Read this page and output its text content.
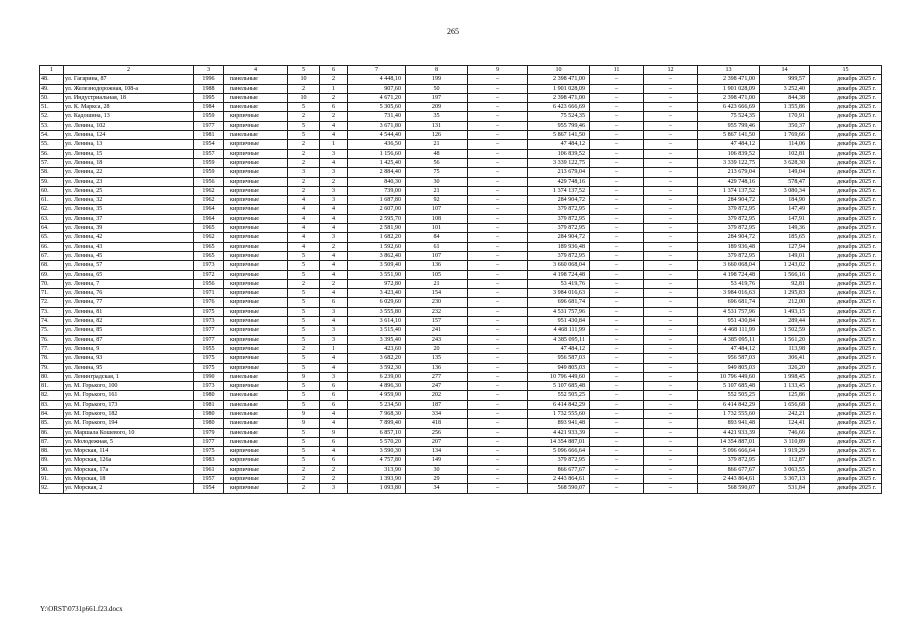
265
1	2	3	4	5	6	7	8	9	10	11	12	13	14	15
48.	ул. Гагарина, 87	1996	панельные	10	2	4 448,10	199	–	2 398 471,00	–	–	2 398 471,00	999,57	декабрь 2025 г.
49.	ул. Железнодорожная, 108-а	1988	панельные	2	1	907,60	50	–	1 901 028,09	–	–	1 901 028,09	3 252,40	декабрь 2025 г.
50.	ул. Индустриальная, 18	1995	панельные	10	2	4 671,20	197	–	2 398 471,00	–	–	2 398 471,00	844,38	декабрь 2025 г.
51.	ул. К. Маркса, 28	1984	панельные	5	6	5 305,60	209	–	6 423 666,69	–	–	6 423 666,69	1 355,86	декабрь 2025 г.
52.	ул. Кадошина, 13	1959	кирпичные	2	2	731,40	35	–	75 524,35	–	–	75 524,35	170,91	декабрь 2025 г.
53.	ул. Ленина, 102	1977	кирпичные	5	4	3 671,80	131	–	955 799,46	–	–	955 799,46	350,37	декабрь 2025 г.
54.	ул. Ленина, 124	1981	панельные	5	4	4 544,40	126	–	5 867 141,50	–	–	5 867 141,50	1 769,66	декабрь 2025 г.
55.	ул. Ленина, 13	1954	кирпичные	2	1	436,50	21	–	47 484,12	–	–	47 484,12	114,06	декабрь 2025 г.
56.	ул. Ленина, 15	1957	кирпичные	2	3	1 156,60	48	–	106 839,52	–	–	106 839,52	102,81	декабрь 2025 г.
57.	ул. Ленина, 18	1959	кирпичные	2	4	1 425,40	56	–	3 339 122,75	–	–	3 339 122,75	3 628,30	декабрь 2025 г.
58.	ул. Ленина, 22	1959	кирпичные	3	3	2 884,40	75	–	213 679,04	–	–	213 679,04	149,04	декабрь 2025 г.
59.	ул. Ленина, 23	1956	кирпичные	2	2	840,30	30	–	429 748,16	–	–	429 748,16	578,47	декабрь 2025 г.
60.	ул. Ленина, 25	1962	кирпичные	2	3	739,00	21	–	1 374 137,52	–	–	1 374 137,52	3 080,34	декабрь 2025 г.
61.	ул. Ленина, 32	1962	кирпичные	4	3	1 687,80	92	–	284 904,72	–	–	284 904,72	184,90	декабрь 2025 г.
62.	ул. Ленина, 35	1964	кирпичные	4	4	2 607,00	107	–	379 872,95	–	–	379 872,95	147,49	декабрь 2025 г.
63.	ул. Ленина, 37	1964	кирпичные	4	4	2 595,70	108	–	379 872,95	–	–	379 872,95	147,91	декабрь 2025 г.
64.	ул. Ленина, 39	1965	кирпичные	4	4	2 581,90	101	–	379 872,95	–	–	379 872,95	149,36	декабрь 2025 г.
65.	ул. Ленина, 42	1962	кирпичные	4	3	1 682,20	84	–	284 904,72	–	–	284 904,72	185,65	декабрь 2025 г.
66.	ул. Ленина, 43	1965	кирпичные	4	2	1 592,60	61	–	189 936,48	–	–	189 936,48	127,94	декабрь 2025 г.
67.	ул. Ленина, 45	1965	кирпичные	5	4	3 862,40	107	–	379 872,95	–	–	379 872,95	149,01	декабрь 2025 г.
68.	ул. Ленина, 57	1973	кирпичные	5	4	3 509,40	136	–	3 660 068,04	–	–	3 660 068,04	1 243,02	декабрь 2025 г.
69.	ул. Ленина, 65	1972	кирпичные	5	4	3 551,90	105	–	4 198 724,48	–	–	4 198 724,48	1 566,16	декабрь 2025 г.
70.	ул. Ленина, 7	1956	кирпичные	2	2	972,80	21	–	53 419,76	–	–	53 419,76	92,81	декабрь 2025 г.
71.	ул. Ленина, 76	1971	кирпичные	5	4	3 423,40	154	–	3 984 016,63	–	–	3 984 016,63	1 295,83	декабрь 2025 г.
72.	ул. Ленина, 77	1976	кирпичные	5	6	6 029,60	230	–	696 681,74	–	–	696 681,74	212,00	декабрь 2025 г.
73.	ул. Ленина, 81	1975	кирпичные	5	3	3 555,80	232	–	4 531 757,96	–	–	4 531 757,96	1 493,15	декабрь 2025 г.
74.	ул. Ленина, 82	1973	кирпичные	5	4	3 614,10	157	–	951 430,84	–	–	951 430,84	289,44	декабрь 2025 г.
75.	ул. Ленина, 85	1977	кирпичные	5	3	3 515,40	241	–	4 468 111,99	–	–	4 468 111,99	1 502,59	декабрь 2025 г.
76.	ул. Ленина, 87	1977	кирпичные	5	3	3 395,40	243	–	4 385 095,11	–	–	4 385 095,11	1 561,20	декабрь 2025 г.
77.	ул. Ленина, 9	1955	кирпичные	2	1	423,60	20	–	47 484,12	–	–	47 484,12	113,98	декабрь 2025 г.
78.	ул. Ленина, 93	1975	кирпичные	5	4	3 682,20	135	–	956 587,03	–	–	956 587,03	306,41	декабрь 2025 г.
79.	ул. Ленина, 95	1975	кирпичные	5	4	3 592,30	136	–	949 805,03	–	–	949 805,03	326,20	декабрь 2025 г.
80.	ул. Ленинградская, 1	1990	панельные	9	3	6 239,00	277	–	10 796 449,60	–	–	10 796 449,60	1 998,45	декабрь 2025 г.
81.	ул. М. Горького, 100	1973	кирпичные	5	6	4 896,30	247	–	5 107 685,48	–	–	5 107 685,48	1 133,45	декабрь 2025 г.
82.	ул. М. Горького, 161	1980	панельные	5	6	4 959,90	202	–	552 505,25	–	–	552 505,25	125,86	декабрь 2025 г.
83.	ул. М. Горького, 173	1981	панельные	5	6	5 234,50	187	–	6 414 842,29	–	–	6 414 842,29	1 656,68	декабрь 2025 г.
84.	ул. М. Горького, 182	1980	панельные	9	4	7 968,30	334	–	1 732 555,60	–	–	1 732 555,60	242,21	декабрь 2025 г.
85.	ул. М. Горького, 194	1980	панельные	9	4	7 899,40	418	–	893 941,48	–	–	893 941,48	124,41	декабрь 2025 г.
86.	ул. Маршала Кошевого, 10	1979	панельные	5	9	6 857,10	256	–	4 421 933,39	–	–	4 421 933,39	746,66	декабрь 2025 г.
87.	ул. Молодежная, 5	1977	панельные	5	6	5 570,20	207	–	14 354 887,01	–	–	14 354 887,01	3 110,89	декабрь 2025 г.
88.	ул. Морская, 114	1975	кирпичные	5	4	3 590,30	134	–	5 096 666,64	–	–	5 096 666,64	1 919,29	декабрь 2025 г.
89.	ул. Морская, 126а	1983	кирпичные	5	6	4 757,80	149	–	379 872,95	–	–	379 872,95	112,87	декабрь 2025 г.
90.	ул. Морская, 17а	1961	кирпичные	2	2	313,90	30	–	866 677,67	–	–	866 677,67	3 063,55	декабрь 2025 г.
91.	ул. Морская, 18	1957	кирпичные	2	2	1 393,90	29	–	2 443 864,61	–	–	2 443 864,61	3 367,13	декабрь 2025 г.
92.	ул. Морская, 2	1954	кирпичные	2	3	1 093,80	34	–	568 590,07	–	–	568 590,07	531,84	декабрь 2025 г.
Y:\ORST\0731p661.f23.docx
